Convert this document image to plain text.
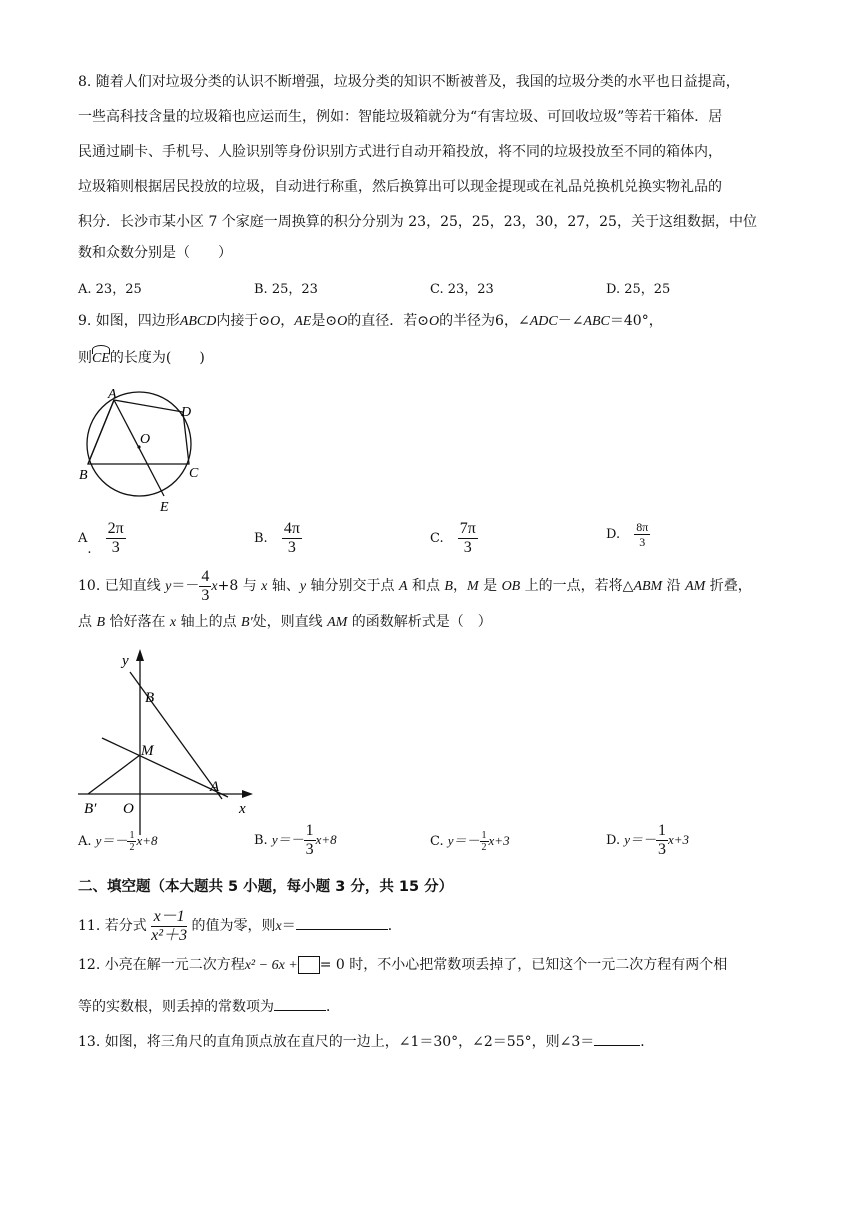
8. 随着人们对垃圾分类的认识不断增强，垃圾分类的知识不断被普及，我国的垃圾分类的水平也日益提高，
一些高科技含量的垃圾箱也应运而生，例如：智能垃圾箱就分为“有害垃圾、可回收垃圾”等若干箱体．居
民通过刷卡、手机号、人脸识别等身份识别方式进行自动开箱投放，将不同的垃圾投放至不同的箱体内，
垃圾箱则根据居民投放的垃圾，自动进行称重，然后换算出可以现金提现或在礼品兑换机兑换实物礼品的
积分．长沙市某小区 7 个家庭一周换算的积分分别为 23，25，25，23，30，27，25，关于这组数据，中位
数和众数分别是（　　）
A. 23，25	B. 25，23	C. 23，23	D. 25，25
9. 如图，四边形ABCD内接于⊙O，AE是⊙O的直径．若⊙O的半径为6，∠ADC－∠ABC＝40°，
则
CE的长度为(　　)
A
D
O
B	C
E
A. $\frac{2\pi}{3}$	B. $\frac{4\pi}{3}$	C. $\frac{7\pi}{3}$	D. $\frac{8\pi}{3}$
10. 已知直线 $y=- \frac{4}{3} x+8$ 与 x 轴、y 轴分别交于点 A 和点 B，M 是 OB 上的一点，若将△ABM 沿 AM 折叠，
点 B 恰好落在 x 轴上的点 B′处，则直线 AM 的函数解析式是（　）
y
B
M
A
B′ O	x
A. $y=- \frac{1}{2} x+8$	B. $y=- \frac{1}{3} x+8$	C. $y=- \frac{1}{2} x+3$	D. $y=- \frac{1}{3} x+3$
二、填空题（本大题共 5 小题，每小题 3 分，共 15 分）
11. 若分式 $\frac{x-1}{\text{x²＋3}}$ 的值为零，则x＝	．
12. 小亮在解一元二次方程x² − 6x + = 0 时，不小心把常数项丢掉了，已知这个一元二次方程有两个相
等的实数根，则丢掉的常数项为	．
13. 如图，将三角尺的直角顶点放在直尺的一边上，∠1＝30°，∠2＝55°，则∠3＝	．
